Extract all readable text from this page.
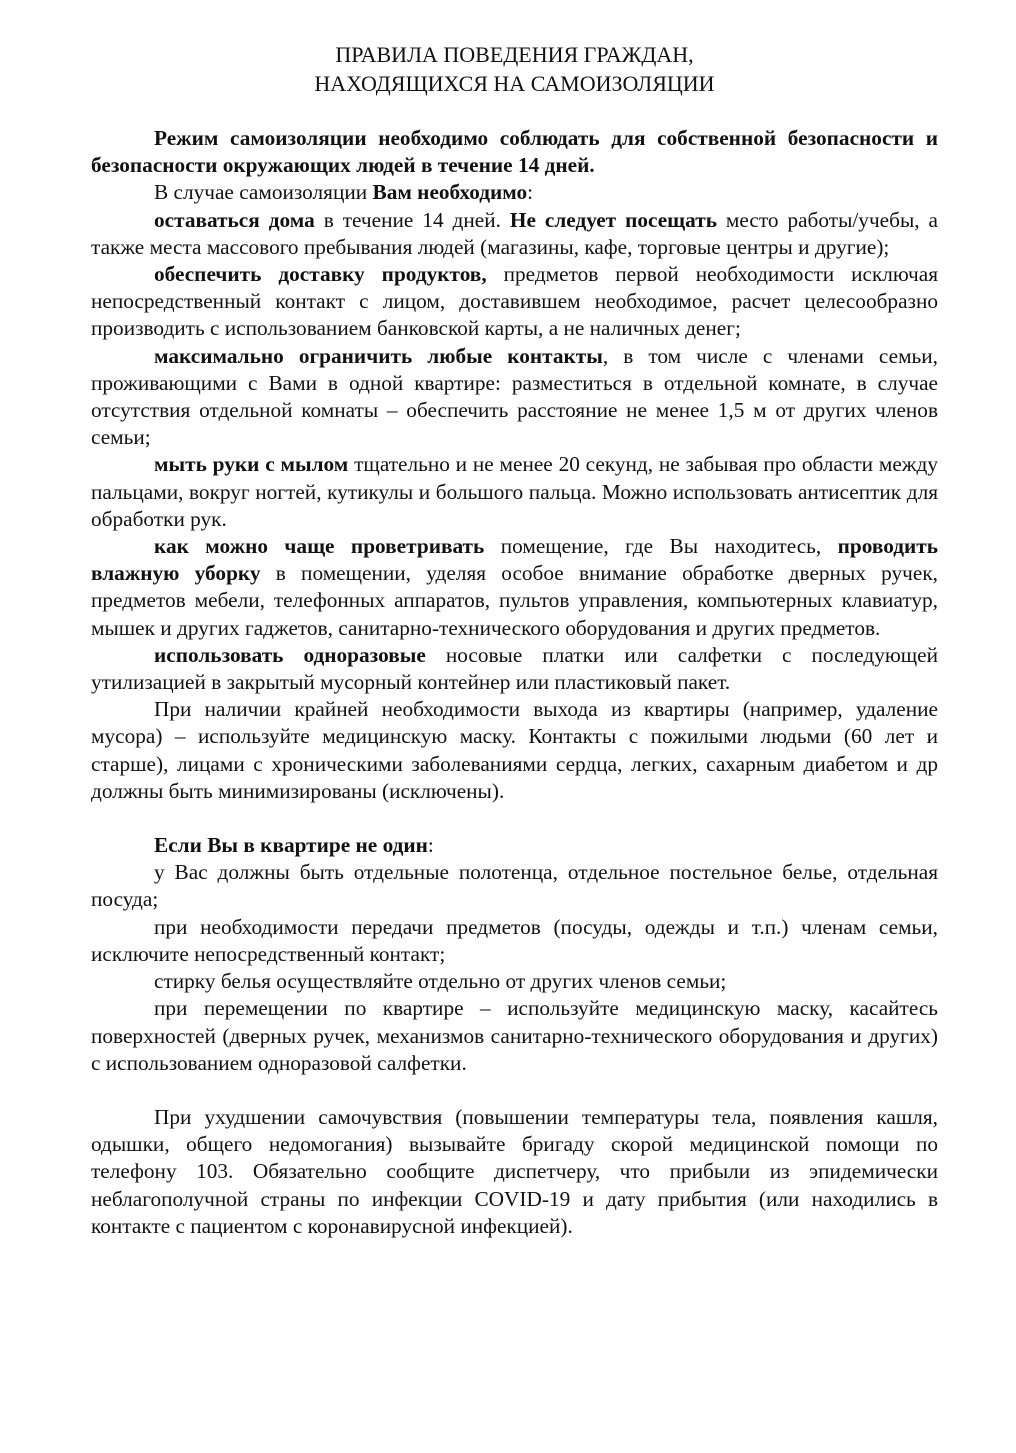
ПРАВИЛА ПОВЕДЕНИЯ ГРАЖДАН,
НАХОДЯЩИХСЯ НА САМОИЗОЛЯЦИИ

Режим самоизоляции необходимо соблюдать для собственной безопасности и безопасности окружающих людей в течение 14 дней.

В случае самоизоляции Вам необходимо:

оставаться дома в течение 14 дней. Не следует посещать место работы/учебы, а также места массового пребывания людей (магазины, кафе, торговые центры и другие);

обеспечить доставку продуктов, предметов первой необходимости исключая непосредственный контакт с лицом, доставившем необходимое, расчет целесообразно производить с использованием банковской карты, а не наличных денег;

максимально ограничить любые контакты, в том числе с членами семьи, проживающими с Вами в одной квартире: разместиться в отдельной комнате, в случае отсутствия отдельной комнаты – обеспечить расстояние не менее 1,5 м от других членов семьи;

мыть руки с мылом тщательно и не менее 20 секунд, не забывая про области между пальцами, вокруг ногтей, кутикулы и большого пальца. Можно использовать антисептик для обработки рук.

как можно чаще проветривать помещение, где Вы находитесь, проводить влажную уборку в помещении, уделяя особое внимание обработке дверных ручек, предметов мебели, телефонных аппаратов, пультов управления, компьютерных клавиатур, мышек и других гаджетов, санитарно-технического оборудования и других предметов.

использовать одноразовые носовые платки или салфетки с последующей утилизацией в закрытый мусорный контейнер или пластиковый пакет.

При наличии крайней необходимости выхода из квартиры (например, удаление мусора) – используйте медицинскую маску. Контакты с пожилыми людьми (60 лет и старше), лицами с хроническими заболеваниями сердца, легких, сахарным диабетом и др должны быть минимизированы (исключены).

Если Вы в квартире не один:

у Вас должны быть отдельные полотенца, отдельное постельное белье, отдельная посуда;

при необходимости передачи предметов (посуды, одежды и т.п.) членам семьи, исключите непосредственный контакт;

стирку белья осуществляйте отдельно от других членов семьи;

при перемещении по квартире – используйте медицинскую маску, касайтесь поверхностей (дверных ручек, механизмов санитарно-технического оборудования и других) с использованием одноразовой салфетки.

При ухудшении самочувствия (повышении температуры тела, появления кашля, одышки, общего недомогания) вызывайте бригаду скорой медицинской помощи по телефону 103. Обязательно сообщите диспетчеру, что прибыли из эпидемически неблагополучной страны по инфекции COVID-19 и дату прибытия (или находились в контакте с пациентом с коронавирусной инфекцией).
